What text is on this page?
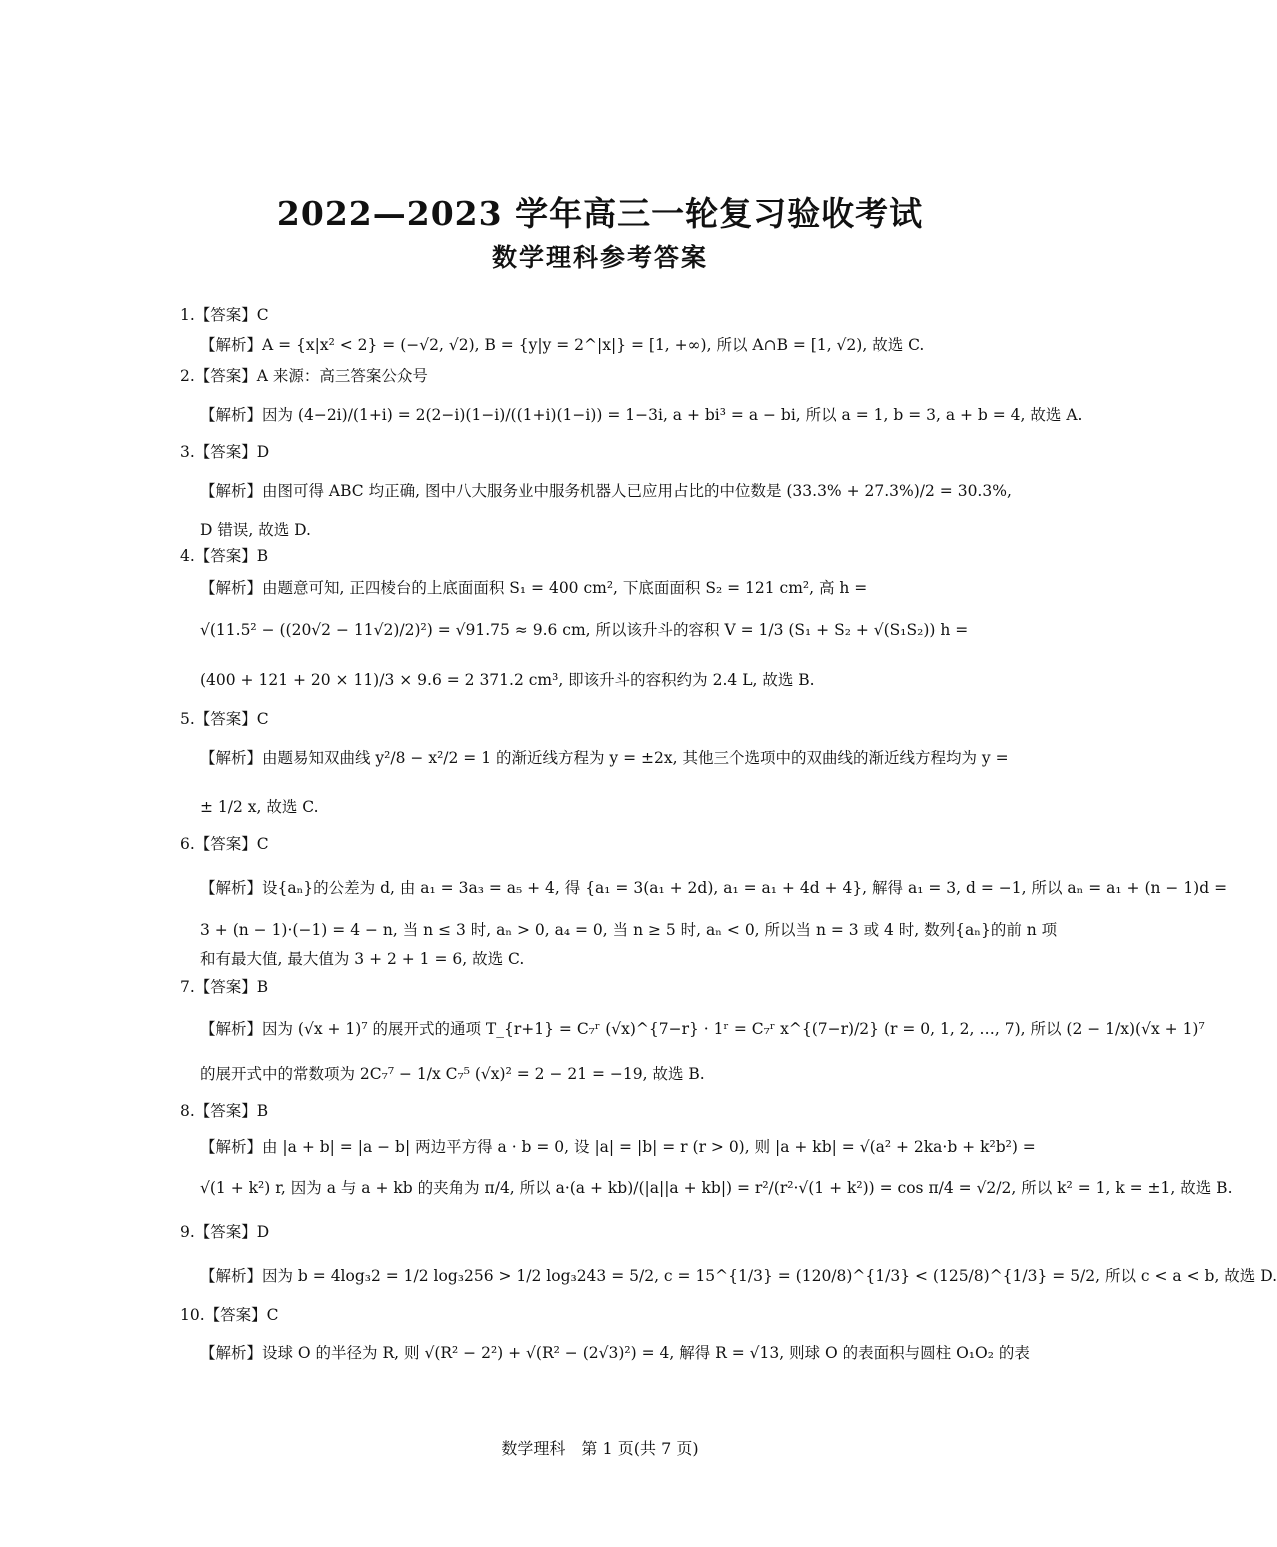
2022—2023 学年高三一轮复习验收考试
数学理科参考答案
1.【答案】C
【解析】A = {x|x² < 2} = (−√2, √2), B = {y|y = 2^|x|} = [1, +∞), 所以 A∩B = [1, √2), 故选 C.
2.【答案】A 来源：高三答案公众号
【解析】因为 (4−2i)/(1+i) = 2(2−i)(1−i)/((1+i)(1−i)) = 1−3i, a + bi³ = a − bi, 所以 a = 1, b = 3, a + b = 4, 故选 A.
3.【答案】D
【解析】由图可得 ABC 均正确, 图中八大服务业中服务机器人已应用占比的中位数是 (33.3% + 27.3%)/2 = 30.3%,
D 错误, 故选 D.
4.【答案】B
【解析】由题意可知, 正四棱台的上底面面积 S₁ = 400 cm², 下底面面积 S₂ = 121 cm², 高 h =
√(11.5² − ((20√2 − 11√2)/2)²) = √91.75 ≈ 9.6 cm, 所以该升斗的容积 V = 1/3 (S₁ + S₂ + √(S₁S₂)) h =
(400 + 121 + 20 × 11)/3 × 9.6 = 2 371.2 cm³, 即该升斗的容积约为 2.4 L, 故选 B.
5.【答案】C
【解析】由题易知双曲线 y²/8 − x²/2 = 1 的渐近线方程为 y = ±2x, 其他三个选项中的双曲线的渐近线方程均为 y =
± 1/2 x, 故选 C.
6.【答案】C
【解析】设{aₙ}的公差为 d, 由 a₁ = 3a₃ = a₅ + 4, 得 {a₁ = 3(a₁ + 2d), a₁ = a₁ + 4d + 4}, 解得 a₁ = 3, d = −1, 所以 aₙ = a₁ + (n − 1)d =
3 + (n − 1)·(−1) = 4 − n, 当 n ≤ 3 时, aₙ > 0, a₄ = 0, 当 n ≥ 5 时, aₙ < 0, 所以当 n = 3 或 4 时, 数列{aₙ}的前 n 项
和有最大值, 最大值为 3 + 2 + 1 = 6, 故选 C.
7.【答案】B
【解析】因为 (√x + 1)⁷ 的展开式的通项 T_{r+1} = C₇ʳ (√x)^{7−r} · 1ʳ = C₇ʳ x^{(7−r)/2} (r = 0, 1, 2, …, 7), 所以 (2 − 1/x)(√x + 1)⁷
的展开式中的常数项为 2C₇⁷ − 1/x C₇⁵ (√x)² = 2 − 21 = −19, 故选 B.
8.【答案】B
【解析】由 |a + b| = |a − b| 两边平方得 a · b = 0, 设 |a| = |b| = r (r > 0), 则 |a + kb| = √(a² + 2ka·b + k²b²) =
√(1 + k²) r, 因为 a 与 a + kb 的夹角为 π/4, 所以 a·(a + kb)/(|a||a + kb|) = r²/(r²·√(1 + k²)) = cos π/4 = √2/2, 所以 k² = 1, k = ±1, 故选 B.
9.【答案】D
【解析】因为 b = 4log₃2 = 1/2 log₃256 > 1/2 log₃243 = 5/2, c = 15^{1/3} = (120/8)^{1/3} < (125/8)^{1/3} = 5/2, 所以 c < a < b, 故选 D.
10.【答案】C
【解析】设球 O 的半径为 R, 则 √(R² − 2²) + √(R² − (2√3)²) = 4, 解得 R = √13, 则球 O 的表面积与圆柱 O₁O₂ 的表
数学理科　第 1 页(共 7 页)
